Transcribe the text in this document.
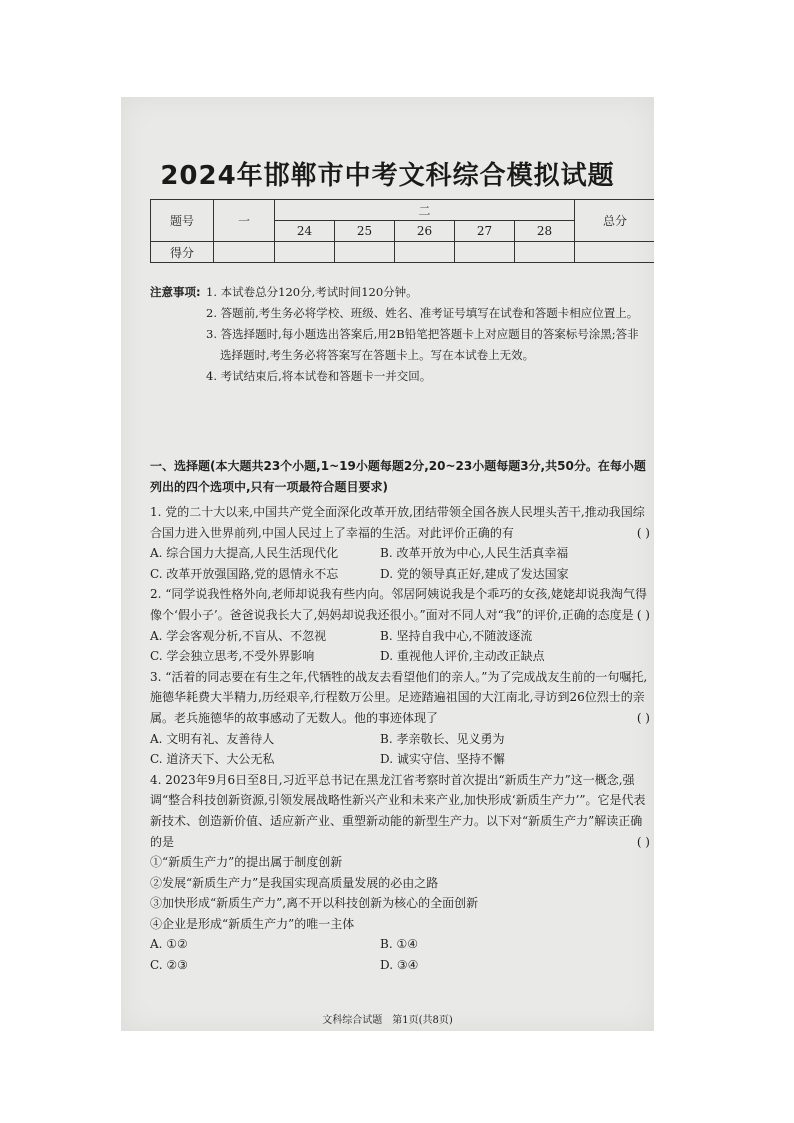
2024年邯郸市中考文科综合模拟试题
题号	一	二					总分
		24	25	26	27	28	
得分							
注意事项: 1. 本试卷总分120分,考试时间120分钟。
2. 答题前,考生务必将学校、班级、姓名、准考证号填写在试卷和答题卡相应位置上。
3. 答选择题时,每小题选出答案后,用2B铅笔把答题卡上对应题目的答案标号涂黑;答非选择题时,考生务必将答案写在答题卡上。写在本试卷上无效。
4. 考试结束后,将本试卷和答题卡一并交回。
一、选择题(本大题共23个小题,1~19小题每题2分,20~23小题每题3分,共50分。在每小题列出的四个选项中,只有一项最符合题目要求)

1. 党的二十大以来,中国共产党全面深化改革开放,团结带领全国各族人民埋头苦干,推动我国综合国力进入世界前列,中国人民过上了幸福的生活。对此评价正确的有	( )

A. 综合国力大提高,人民生活现代化	B. 改革开放为中心,人民生活真幸福
C. 改革开放强国路,党的恩情永不忘	D. 党的领导真正好,建成了发达国家

2. “同学说我性格外向,老师却说我有些内向。邻居阿姨说我是个乖巧的女孩,姥姥却说我淘气得像个‘假小子’。爸爸说我长大了,妈妈却说我还很小。”面对不同人对“我”的评价,正确的态度是 ( )

A. 学会客观分析,不盲从、不忽视	B. 坚持自我中心,不随波逐流
C. 学会独立思考,不受外界影响	D. 重视他人评价,主动改正缺点

3. “活着的同志要在有生之年,代牺牲的战友去看望他们的亲人。”为了完成战友生前的一句嘱托,施德华耗费大半精力,历经艰辛,行程数万公里。足迹踏遍祖国的大江南北,寻访到26位烈士的亲属。老兵施德华的故事感动了无数人。他的事迹体现了	( )

A. 文明有礼、友善待人	B. 孝亲敬长、见义勇为
C. 道济天下、大公无私	D. 诚实守信、坚持不懈

4. 2023年9月6日至8日,习近平总书记在黑龙江省考察时首次提出“新质生产力”这一概念,强调“整合科技创新资源,引领发展战略性新兴产业和未来产业,加快形成‘新质生产力’”。它是代表新技术、创造新价值、适应新产业、重塑新动能的新型生产力。以下对“新质生产力”解读正确的是	( )

①“新质生产力”的提出属于制度创新

②发展“新质生产力”是我国实现高质量发展的必由之路

③加快形成“新质生产力”,离不开以科技创新为核心的全面创新

④企业是形成“新质生产力”的唯一主体

A. ①②	B. ①④
C. ②③	D. ③④
文科综合试题　第1页(共8页)
